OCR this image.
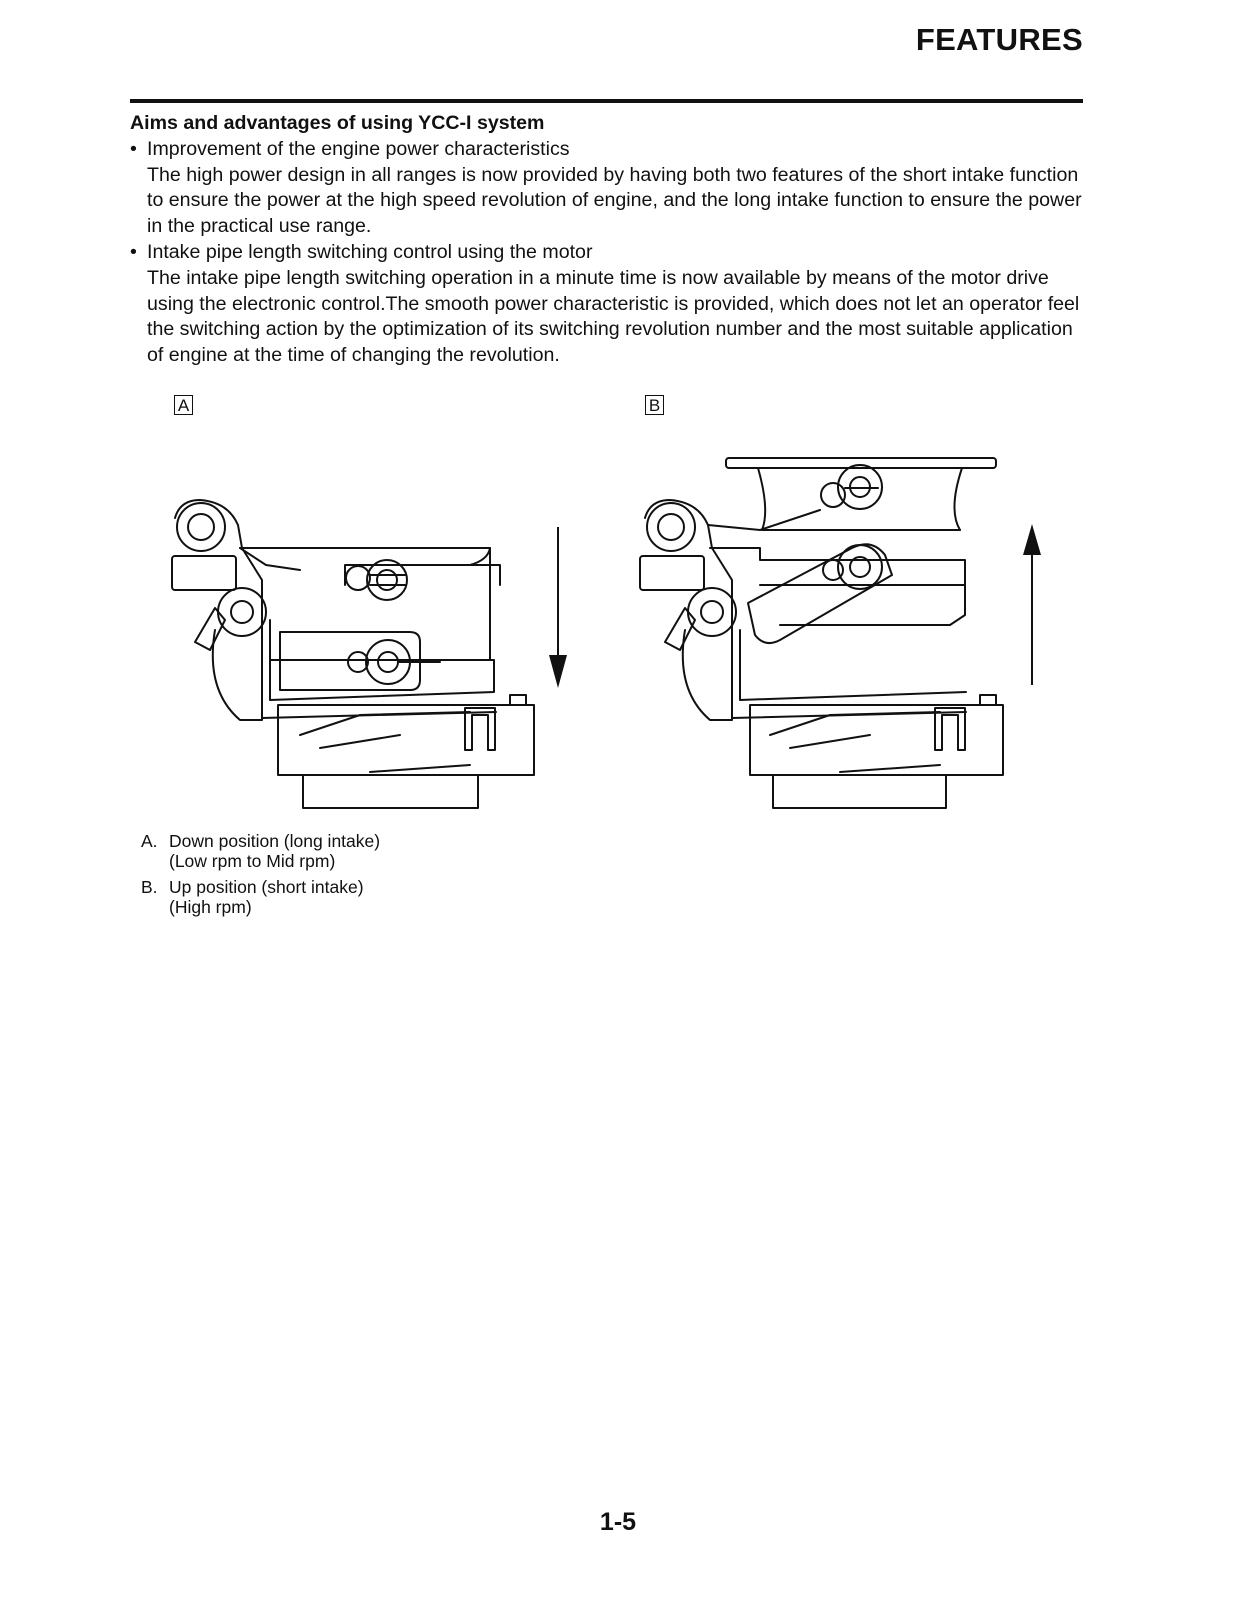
FEATURES

Aims and advantages of using YCC-I system

• Improvement of the engine power characteristics

The high power design in all ranges is now provided by having both two features of the short intake function to ensure the power at the high speed revolution of engine, and the long intake function to ensure the power in the practical use range.

• Intake pipe length switching control using the motor

The intake pipe length switching operation in a minute time is now available by means of the motor drive using the electronic control.The smooth power characteristic is provided, which does not let an operator feel the switching action by the optimization of its switching revolution number and the most suitable application of engine at the time of changing the revolution.

A	B
A. Down position (long intake)
(Low rpm to Mid rpm)
B. Up position (short intake)
(High rpm)
1-5
